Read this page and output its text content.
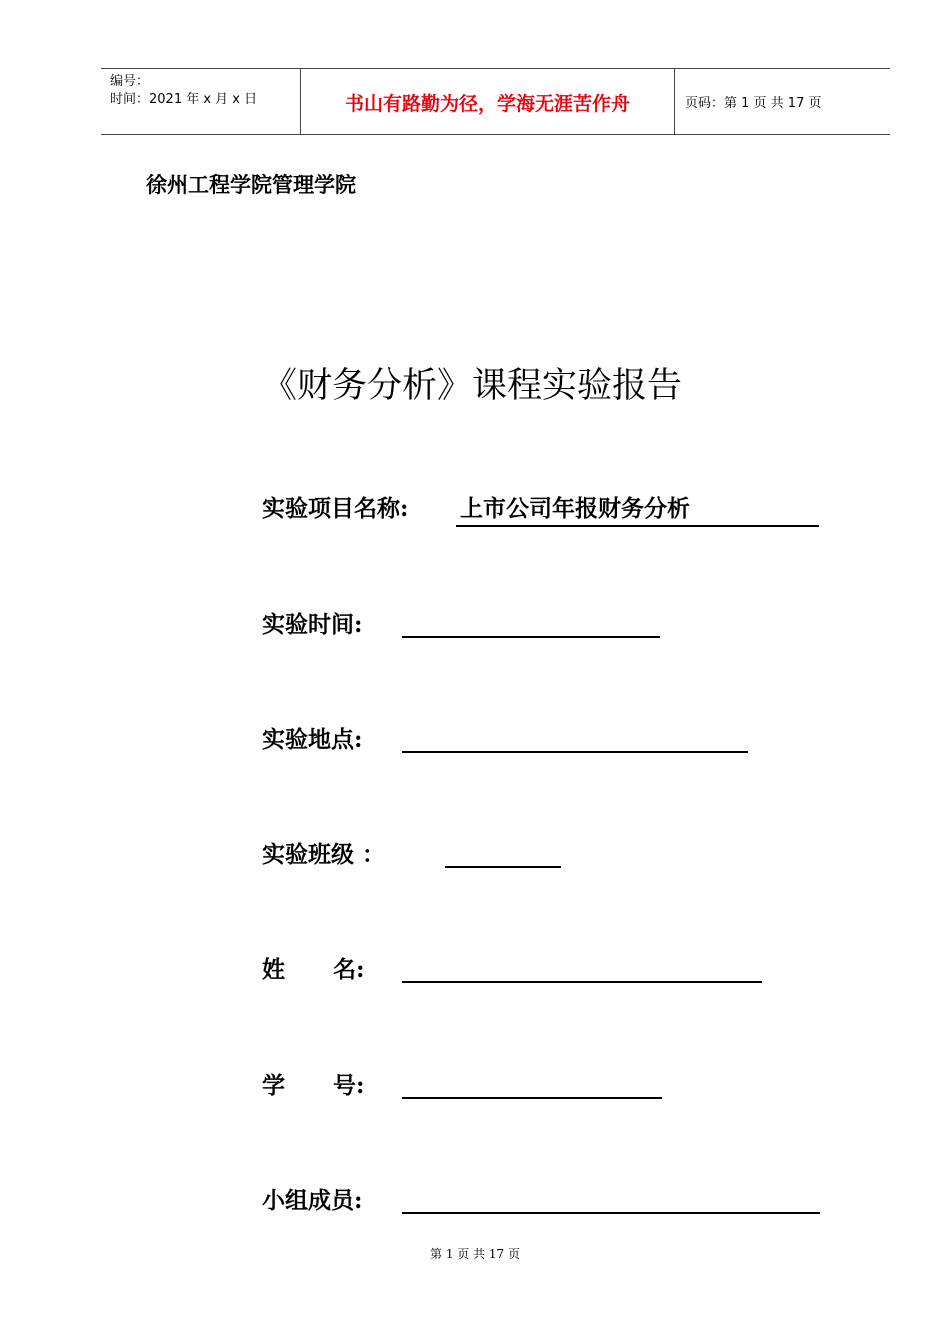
编号：
时间：2021 年 x 月 x 日	书山有路勤为径，学海无涯苦作舟	页码：第 1 页 共 17 页
徐州工程学院管理学院
《财务分析》课程实验报告
实验项目名称: 上市公司年报财务分析
实验时间:
实验地点:
实验班级 ：
姓      名:
学      号:
小组成员:
第 1 页 共 17 页
